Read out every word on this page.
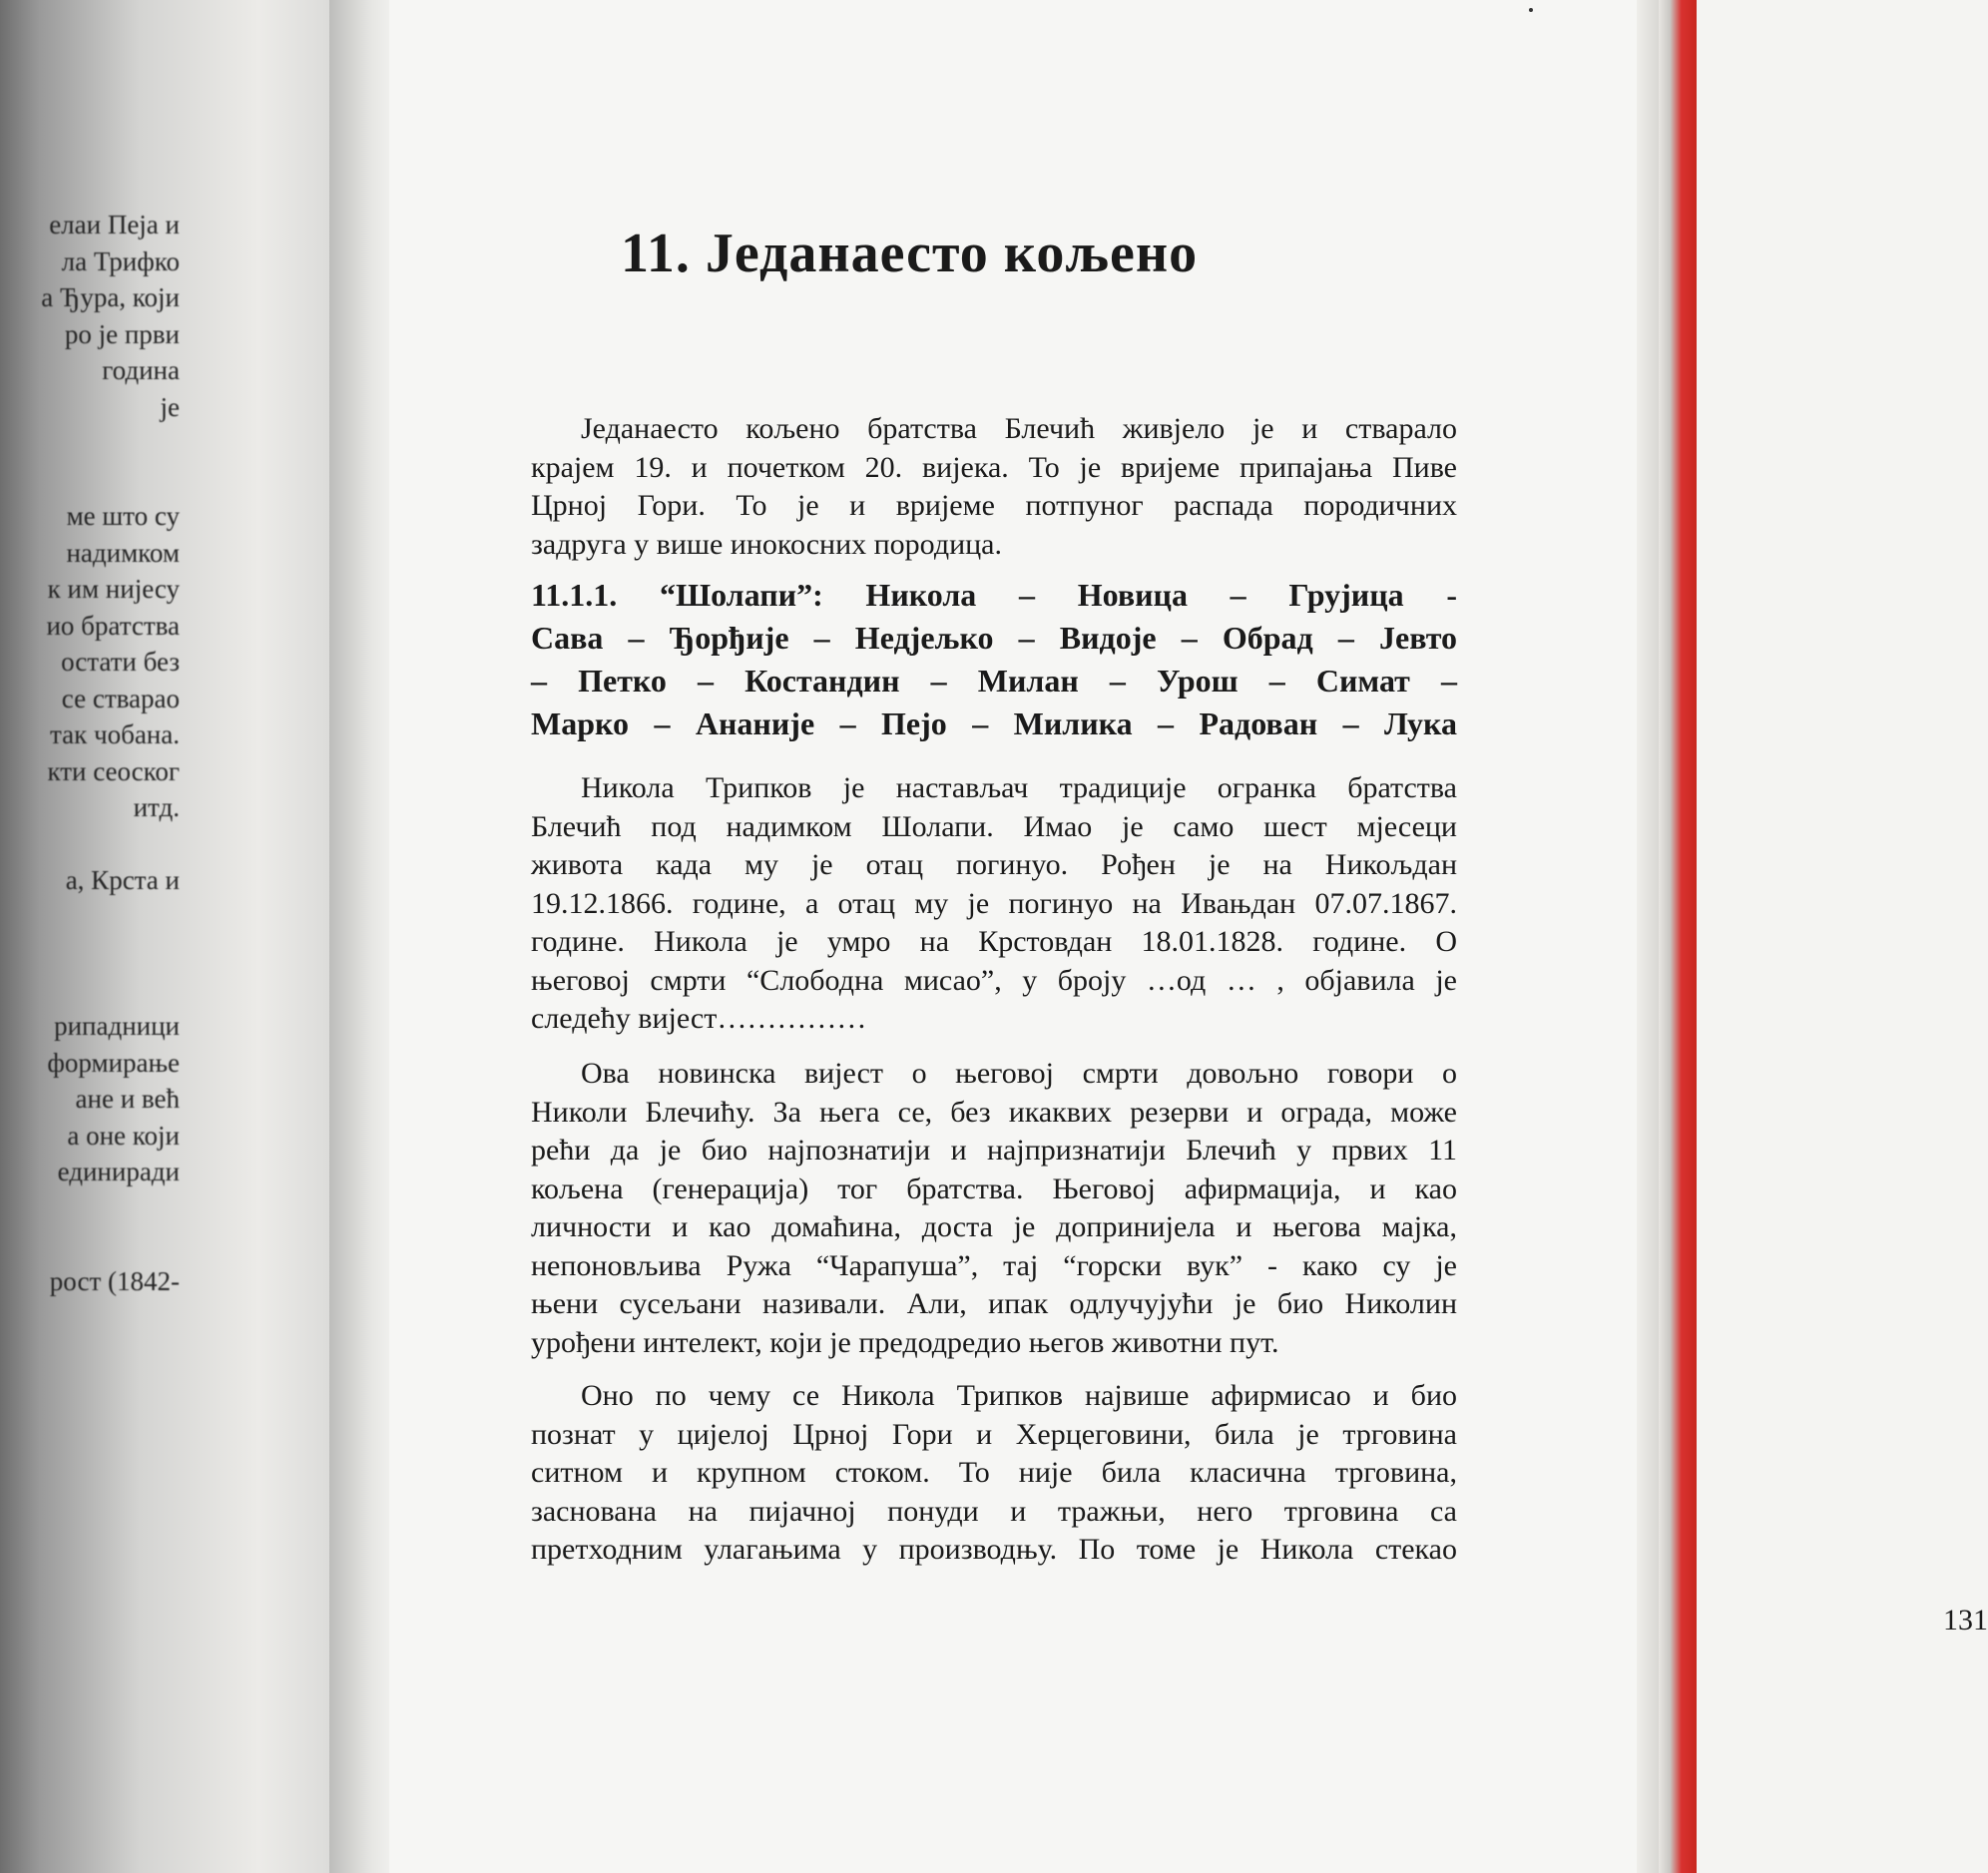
елаи Пеја и
ла Трифко
а Ђура, који
ро је први
година
је
ме што су
надимком
к им нијесу
ио братства
остати без
се стварао
так чобана.
кти сеоског
итд.
а, Крста и
рипадници
формирање
ане и већ
а оне који
единиради
рост (1842-
11. Једанаесто кољено
Једанаесто кољено братства Блечић живјело је и стварало
крајем 19. и почетком 20. вијека. То је вријеме припајања Пиве
Црној Гори. То је и вријеме потпуног распада породичних
задруга у више инокосних породица.
11.1.1. “Шолапи”: Никола – Новица – Грујица -
Сава – Ђорђије – Недјељко – Видоје – Обрад – Јевто
– Петко – Костандин – Милан – Урош – Симат –
Марко – Ананије – Пејо – Милика – Радован – Лука
Никола Трипков је настављач традиције огранка братства
Блечић под надимком Шолапи. Имао је само шест мјесеци
живота када му је отац погинуо. Рођен је на Никољдан
19.12.1866. године, а отац му је погинуо на Ивањдан 07.07.1867.
године. Никола је умро на Крстовдан 18.01.1828. године. О
његовој смрти “Слободна мисао”, у броју …од … , објавила је
следећу вијест……………
Ова новинска вијест о његовој смрти довољно говори о
Николи Блечићу. За њега се, без икаквих резерви и ограда, може
рећи да је био најпознатији и најпризнатији Блечић у првих 11
кољена (генерација) тог братства. Његовој афирмација, и као
личности и као домаћина, доста је допринијела и његова мајка,
непоновљива Ружа “Чарапуша”, тај “горски вук” - како су је
њени сусељани називали. Али, ипак одлучујући је био Николин
урођени интелект, који је предодредио његов животни пут.
Оно по чему се Никола Трипков највише афирмисао и био
познат у цијелој Црној Гори и Херцеговини, била је трговина
ситном и крупном стоком. То није била класична трговина,
заснована на пијачној понуди и тражњи, него трговина са
претходним улагањима у производњу. По томе је Никола стекао
131
